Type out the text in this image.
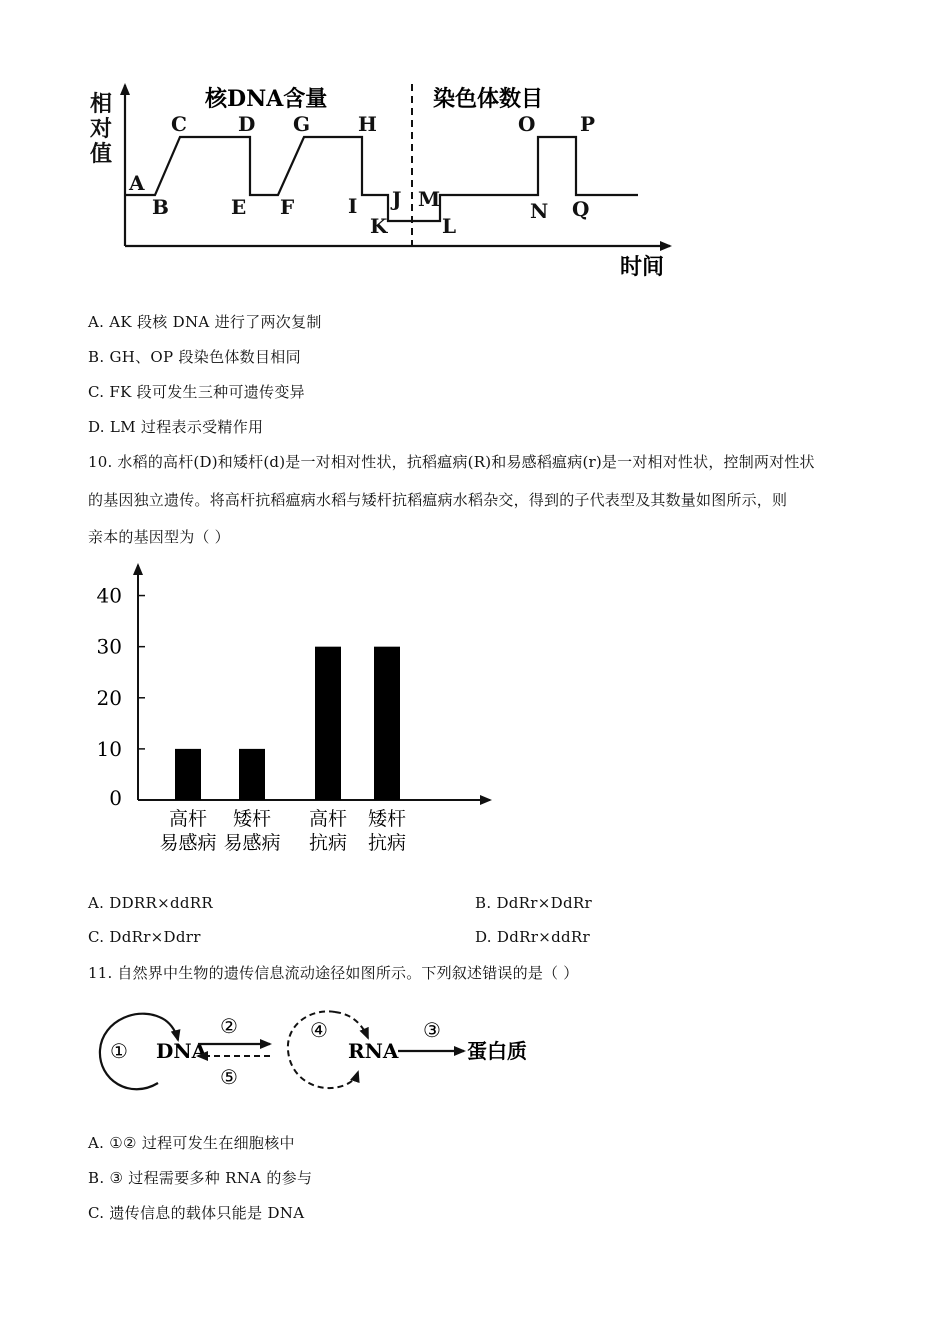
相
对
值
时间
核DNA含量	染色体数目
A
B
C	D
E F
G H
I J
K
M
L
O P
N Q
A. AK 段核 DNA 进行了两次复制
B. GH、OP 段染色体数目相同
C. FK 段可发生三种可遗传变异
D. LM 过程表示受精作用
10. 水稻的高杆(D)和矮杆(d)是一对相对性状，抗稻瘟病(R)和易感稻瘟病(r)是一对相对性状，控制两对性状
的基因独立遗传。将高杆抗稻瘟病水稻与矮杆抗稻瘟病水稻杂交，得到的子代表型及其数量如图所示，则
亲本的基因型为（ ）
0
10
20
30
40
高杆
易感病
矮杆
易感病
高杆
抗病
矮杆
抗病
A. DDRR×ddRR	B. DdRr×DdRr
C. DdRr×Ddrr	D. DdRr×ddRr
11. 自然界中生物的遗传信息流动途径如图所示。下列叙述错误的是（ ）
① DNA
②
⑤
④
RNA
③
蛋白质
A. ①② 过程可发生在细胞核中
B. ③ 过程需要多种 RNA 的参与
C. 遗传信息的载体只能是 DNA
